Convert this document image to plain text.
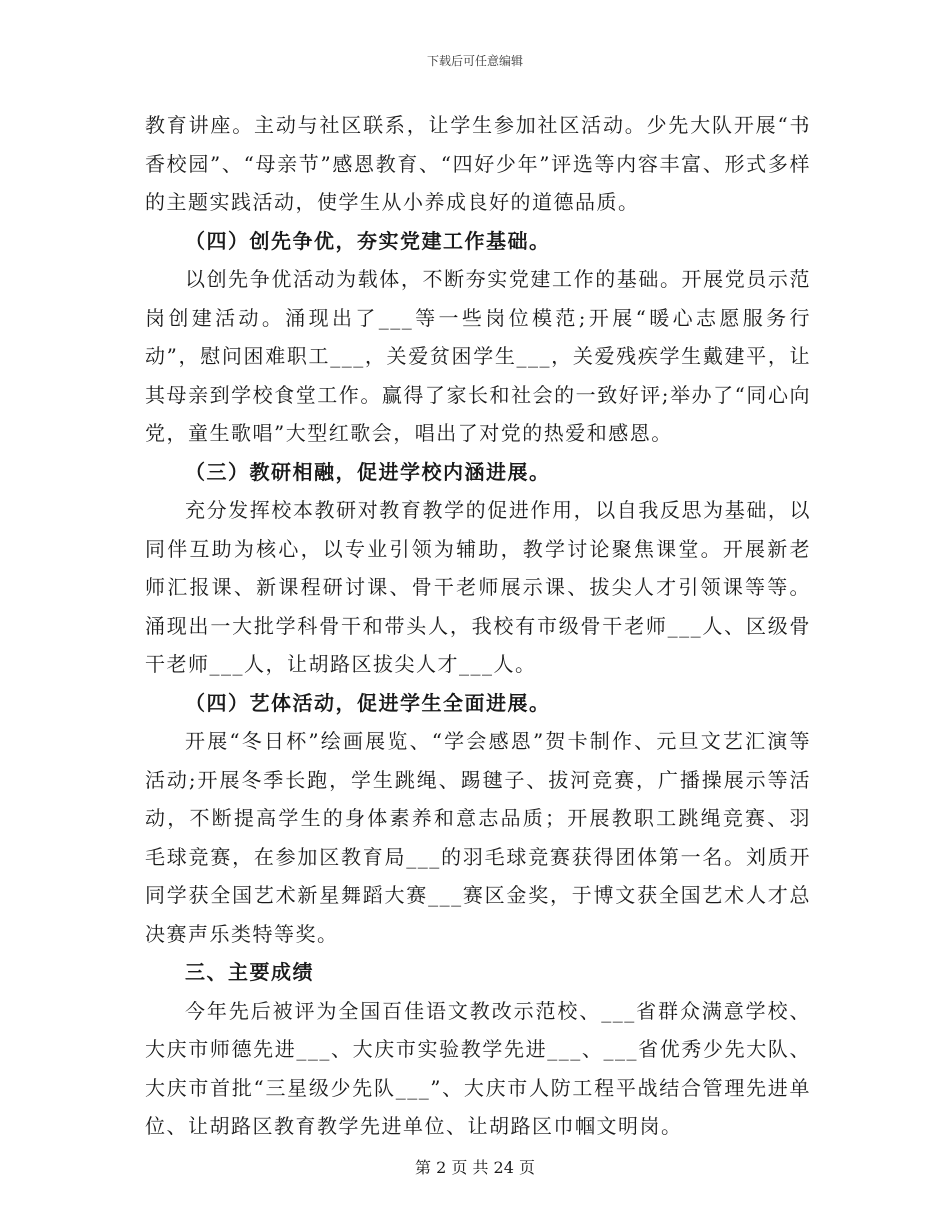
下载后可任意编辑

教育讲座。主动与社区联系，让学生参加社区活动。少先大队开展“书香校园”、“母亲节”感恩教育、“四好少年”评选等内容丰富、形式多样的主题实践活动，使学生从小养成良好的道德品质。

（四）创先争优，夯实党建工作基础。

以创先争优活动为载体，不断夯实党建工作的基础。开展党员示范岗创建活动。涌现出了___等一些岗位模范;开展“暖心志愿服务行动”，慰问困难职工___，关爱贫困学生___，关爱残疾学生戴建平，让其母亲到学校食堂工作。赢得了家长和社会的一致好评;举办了“同心向党，童生歌唱”大型红歌会，唱出了对党的热爱和感恩。

（三）教研相融，促进学校内涵进展。

充分发挥校本教研对教育教学的促进作用，以自我反思为基础，以同伴互助为核心，以专业引领为辅助，教学讨论聚焦课堂。开展新老师汇报课、新课程研讨课、骨干老师展示课、拔尖人才引领课等等。涌现出一大批学科骨干和带头人，我校有市级骨干老师___人、区级骨干老师___人，让胡路区拔尖人才___人。

（四）艺体活动，促进学生全面进展。

开展“冬日杯”绘画展览、“学会感恩”贺卡制作、元旦文艺汇演等活动;开展冬季长跑，学生跳绳、踢毽子、拔河竞赛，广播操展示等活动，不断提高学生的身体素养和意志品质；开展教职工跳绳竞赛、羽毛球竞赛，在参加区教育局___的羽毛球竞赛获得团体第一名。刘质开同学获全国艺术新星舞蹈大赛___赛区金奖，于博文获全国艺术人才总决赛声乐类特等奖。

三、主要成绩

今年先后被评为全国百佳语文教改示范校、___省群众满意学校、大庆市师德先进___、大庆市实验教学先进___、___省优秀少先大队、大庆市首批“三星级少先队___”、大庆市人防工程平战结合管理先进单位、让胡路区教育教学先进单位、让胡路区巾帼文明岗。

第 2 页 共 24 页
